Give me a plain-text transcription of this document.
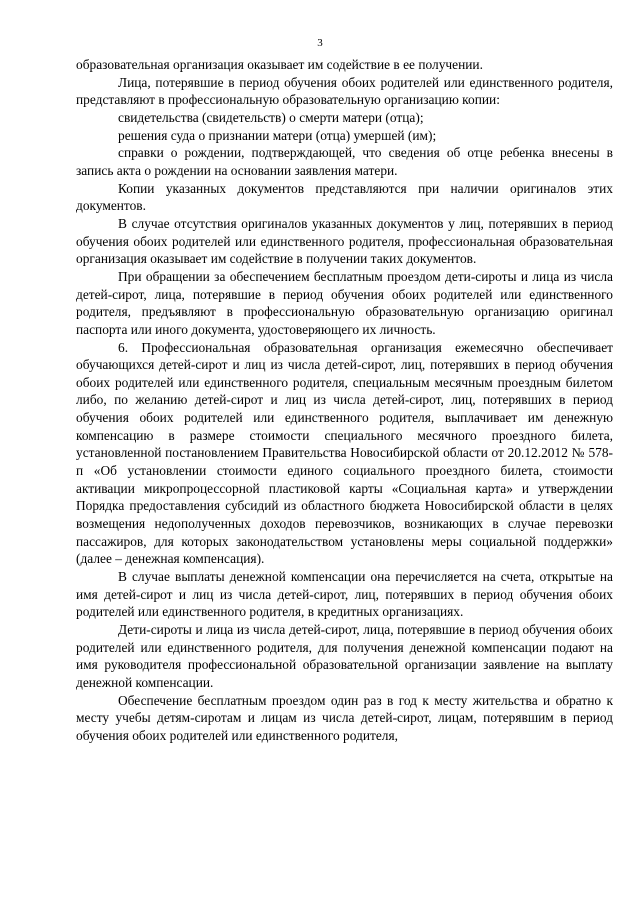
3

образовательная организация оказывает им содействие в ее получении.

Лица, потерявшие в период обучения обоих родителей или единственного родителя, представляют в профессиональную образовательную организацию копии:

свидетельства (свидетельств) о смерти матери (отца);

решения суда о признании матери (отца) умершей (им);

справки о рождении, подтверждающей, что сведения об отце ребенка внесены в запись акта о рождении на основании заявления матери.

Копии указанных документов представляются при наличии оригиналов этих документов.

В случае отсутствия оригиналов указанных документов у лиц, потерявших в период обучения обоих родителей или единственного родителя, профессиональная образовательная организация оказывает им содействие в получении таких документов.

При обращении за обеспечением бесплатным проездом дети-сироты и лица из числа детей-сирот, лица, потерявшие в период обучения обоих родителей или единственного родителя, предъявляют в профессиональную образовательную организацию оригинал паспорта или иного документа, удостоверяющего их личность.

6. Профессиональная образовательная организация ежемесячно обеспечивает обучающихся детей-сирот и лиц из числа детей-сирот, лиц, потерявших в период обучения обоих родителей или единственного родителя, специальным месячным проездным билетом либо, по желанию детей-сирот и лиц из числа детей-сирот, лиц, потерявших в период обучения обоих родителей или единственного родителя, выплачивает им денежную компенсацию в размере стоимости специального месячного проездного билета, установленной постановлением Правительства Новосибирской области от 20.12.2012 № 578-п «Об установлении стоимости единого социального проездного билета, стоимости активации микропроцессорной пластиковой карты «Социальная карта» и утверждении Порядка предоставления субсидий из областного бюджета Новосибирской области в целях возмещения недополученных доходов перевозчиков, возникающих в случае перевозки пассажиров, для которых законодательством установлены меры социальной поддержки» (далее – денежная компенсация).

В случае выплаты денежной компенсации она перечисляется на счета, открытые на имя детей-сирот и лиц из числа детей-сирот, лиц, потерявших в период обучения обоих родителей или единственного родителя, в кредитных организациях.

Дети-сироты и лица из числа детей-сирот, лица, потерявшие в период обучения обоих родителей или единственного родителя, для получения денежной компенсации подают на имя руководителя профессиональной образовательной организации заявление на выплату денежной компенсации.

Обеспечение бесплатным проездом один раз в год к месту жительства и обратно к месту учебы детям-сиротам и лицам из числа детей-сирот, лицам, потерявшим в период обучения обоих родителей или единственного родителя,
